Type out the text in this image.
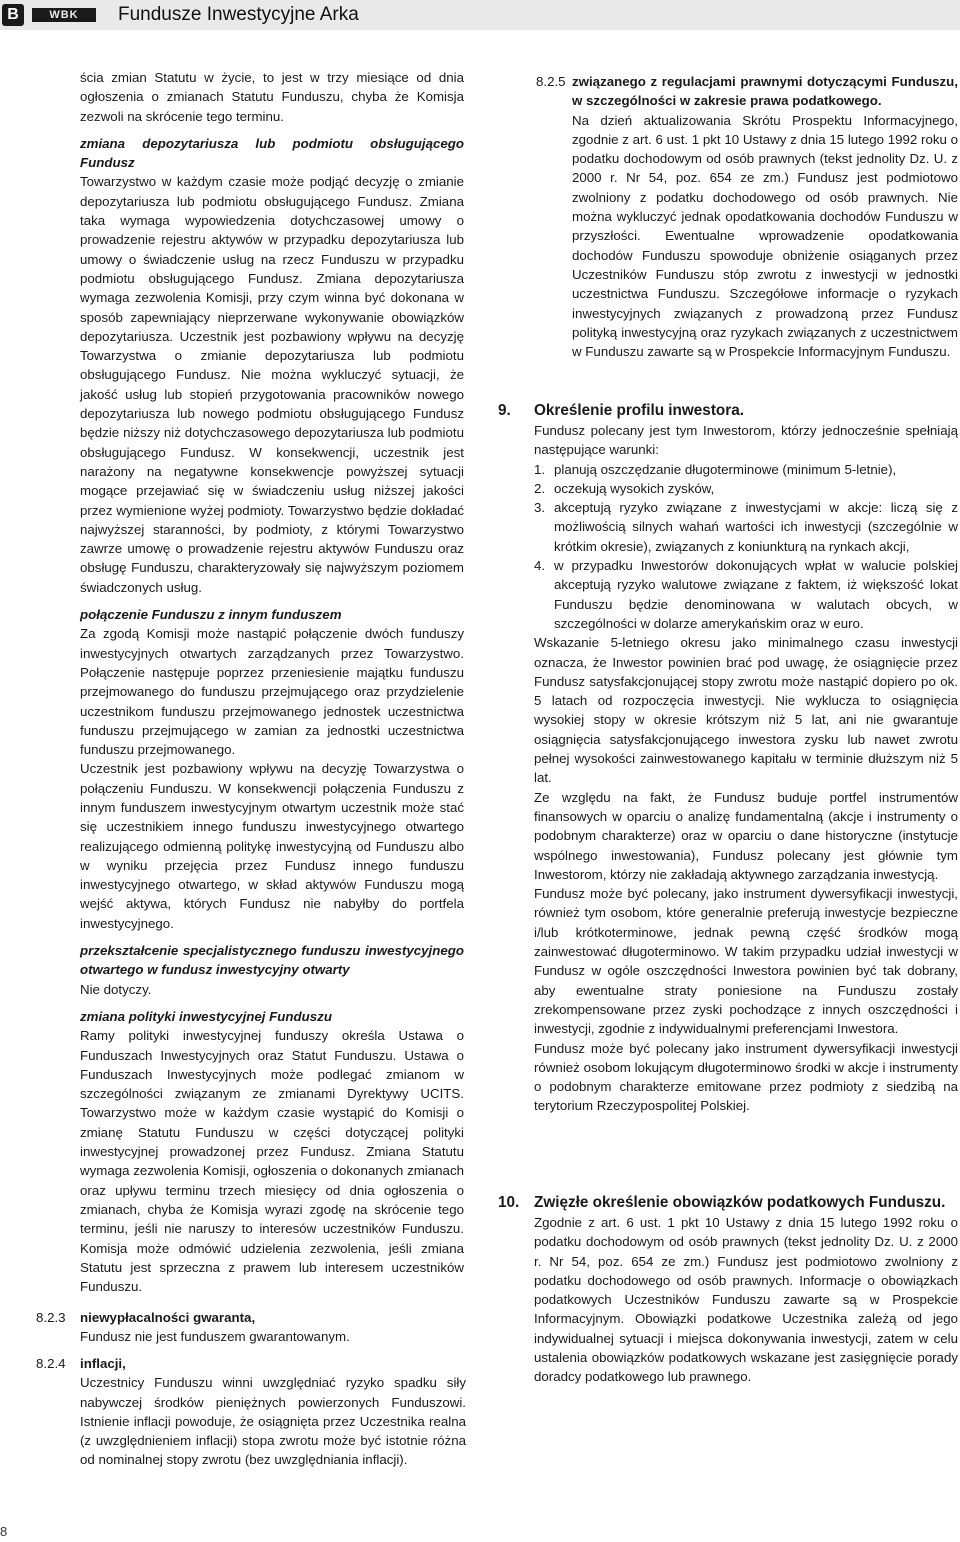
B	WBK	Fundusze Inwestycyjne Arka

ścia zmian Statutu w życie, to jest w trzy miesiące od dnia ogłoszenia o zmianach Statutu Funduszu, chyba że Komisja zezwoli na skrócenie tego terminu.

zmiana depozytariusza lub podmiotu obsługującego Fundusz

Towarzystwo w każdym czasie może podjąć decyzję o zmianie depozytariusza lub podmiotu obsługującego Fundusz. Zmiana taka wymaga wypowiedzenia dotychczasowej umowy o prowadzenie rejestru aktywów w przypadku depozytariusza lub umowy o świadczenie usług na rzecz Funduszu w przypadku podmiotu obsługującego Fundusz. Zmiana depozytariusza wymaga zezwolenia Komisji, przy czym winna być dokonana w sposób zapewniający nieprzerwane wykonywanie obowiązków depozytariusza. Uczestnik jest pozbawiony wpływu na decyzję Towarzystwa o zmianie depozytariusza lub podmiotu obsługującego Fundusz. Nie można wykluczyć sytuacji, że jakość usług lub stopień przygotowania pracowników nowego depozytariusza lub nowego podmiotu obsługującego Fundusz będzie niższy niż dotychczasowego depozytariusza lub podmiotu obsługującego Fundusz. W konsekwencji, uczestnik jest narażony na negatywne konsekwencje powyższej sytuacji mogące przejawiać się w świadczeniu usług niższej jakości przez wymienione wyżej podmioty. Towarzystwo będzie dokładać najwyższej staranności, by podmioty, z którymi Towarzystwo zawrze umowę o prowadzenie rejestru aktywów Funduszu oraz obsługę Funduszu, charakteryzowały się najwyższym poziomem świadczonych usług.

połączenie Funduszu z innym funduszem

Za zgodą Komisji może nastąpić połączenie dwóch funduszy inwestycyjnych otwartych zarządzanych przez Towarzystwo. Połączenie następuje poprzez przeniesienie majątku funduszu przejmowanego do funduszu przejmującego oraz przydzielenie uczestnikom funduszu przejmowanego jednostek uczestnictwa funduszu przejmującego w zamian za jednostki uczestnictwa funduszu przejmowanego.

Uczestnik jest pozbawiony wpływu na decyzję Towarzystwa o połączeniu Funduszu. W konsekwencji połączenia Funduszu z innym funduszem inwestycyjnym otwartym uczestnik może stać się uczestnikiem innego funduszu inwestycyjnego otwartego realizującego odmienną politykę inwestycyjną od Funduszu albo w wyniku przejęcia przez Fundusz innego funduszu inwestycyjnego otwartego, w skład aktywów Funduszu mogą wejść aktywa, których Fundusz nie nabyłby do portfela inwestycyjnego.

przekształcenie specjalistycznego funduszu inwestycyjnego otwartego w fundusz inwestycyjny otwarty

Nie dotyczy.

zmiana polityki inwestycyjnej Funduszu

Ramy polityki inwestycyjnej funduszy określa Ustawa o Funduszach Inwestycyjnych oraz Statut Funduszu. Ustawa o Funduszach Inwestycyjnych może podlegać zmianom w szczególności związanym ze zmianami Dyrektywy UCITS. Towarzystwo może w każdym czasie wystąpić do Komisji o zmianę Statutu Funduszu w części dotyczącej polityki inwestycyjnej prowadzonej przez Fundusz. Zmiana Statutu wymaga zezwolenia Komisji, ogłoszenia o dokonanych zmianach oraz upływu terminu trzech miesięcy od dnia ogłoszenia o zmianach, chyba że Komisja wyrazi zgodę na skrócenie tego terminu, jeśli nie naruszy to interesów uczestników Funduszu. Komisja może odmówić udzielenia zezwolenia, jeśli zmiana Statutu jest sprzeczna z prawem lub interesem uczestników Funduszu.

8.2.3	niewypłacalności gwaranta,
Fundusz nie jest funduszem gwarantowanym.
8.2.4	inflacji,

Uczestnicy Funduszu winni uwzględniać ryzyko spadku siły nabywczej środków pieniężnych powierzonych Funduszowi. Istnienie inflacji powoduje, że osiągnięta przez Uczestnika realna (z uwzględnieniem inflacji) stopa zwrotu może być istotnie różna od nominalnej stopy zwrotu (bez uwzględniania inflacji).

8.2.5 związanego z regulacjami prawnymi dotyczącymi Funduszu, w szczególności w zakresie prawa podatkowego.

Na dzień aktualizowania Skrótu Prospektu Informacyjnego, zgodnie z art. 6 ust. 1 pkt 10 Ustawy z dnia 15 lutego 1992 roku o podatku dochodowym od osób prawnych (tekst jednolity Dz. U. z 2000 r. Nr 54, poz. 654 ze zm.) Fundusz jest podmiotowo zwolniony z podatku dochodowego od osób prawnych. Nie można wykluczyć jednak opodatkowania dochodów Funduszu w przyszłości. Ewentualne wprowadzenie opodatkowania dochodów Funduszu spowoduje obniżenie osiąganych przez Uczestników Funduszu stóp zwrotu z inwestycji w jednostki uczestnictwa Funduszu. Szczegółowe informacje o ryzykach inwestycyjnych związanych z prowadzoną przez Fundusz polityką inwestycyjną oraz ryzykach związanych z uczestnictwem w Funduszu zawarte są w Prospekcie Informacyjnym Funduszu.

9.	Określenie profilu inwestora.

Fundusz polecany jest tym Inwestorom, którzy jednocześnie spełniają następujące warunki:

1. planują oszczędzanie długoterminowe (minimum 5-letnie),
2. oczekują wysokich zysków,
3. akceptują ryzyko związane z inwestycjami w akcje: liczą się z możliwością silnych wahań wartości ich inwestycji (szczególnie w krótkim okresie), związanych z koniunkturą na rynkach akcji,
4. w przypadku Inwestorów dokonujących wpłat w walucie polskiej akceptują ryzyko walutowe związane z faktem, iż większość lokat Funduszu będzie denominowana w walutach obcych, w szczególności w dolarze amerykańskim oraz w euro.

Wskazanie 5-letniego okresu jako minimalnego czasu inwestycji oznacza, że Inwestor powinien brać pod uwagę, że osiągnięcie przez Fundusz satysfakcjonującej stopy zwrotu może nastąpić dopiero po ok. 5 latach od rozpoczęcia inwestycji. Nie wyklucza to osiągnięcia wysokiej stopy w okresie krótszym niż 5 lat, ani nie gwarantuje osiągnięcia satysfakcjonującego inwestora zysku lub nawet zwrotu pełnej wysokości zainwestowanego kapitału w terminie dłuższym niż 5 lat.

Ze względu na fakt, że Fundusz buduje portfel instrumentów finansowych w oparciu o analizę fundamentalną (akcje i instrumenty o podobnym charakterze) oraz w oparciu o dane historyczne (instytucje wspólnego inwestowania), Fundusz polecany jest głównie tym Inwestorom, którzy nie zakładają aktywnego zarządzania inwestycją.

Fundusz może być polecany, jako instrument dywersyfikacji inwestycji, również tym osobom, które generalnie preferują inwestycje bezpieczne i/lub krótkoterminowe, jednak pewną część środków mogą zainwestować długoterminowo. W takim przypadku udział inwestycji w Fundusz w ogóle oszczędności Inwestora powinien być tak dobrany, aby ewentualne straty poniesione na Funduszu zostały zrekompensowane przez zyski pochodzące z innych oszczędności i inwestycji, zgodnie z indywidualnymi preferencjami Inwestora.

Fundusz może być polecany jako instrument dywersyfikacji inwestycji również osobom lokującym długoterminowo środki w akcje i instrumenty o podobnym charakterze emitowane przez podmioty z siedzibą na terytorium Rzeczypospolitej Polskiej.

10. Zwięzłe określenie obowiązków podatkowych Funduszu.

Zgodnie z art. 6 ust. 1 pkt 10 Ustawy z dnia 15 lutego 1992 roku o podatku dochodowym od osób prawnych (tekst jednolity Dz. U. z 2000 r. Nr 54, poz. 654 ze zm.) Fundusz jest podmiotowo zwolniony z podatku dochodowego od osób prawnych. Informacje o obowiązkach podatkowych Uczestników Funduszu zawarte są w Prospekcie Informacyjnym. Obowiązki podatkowe Uczestnika zależą od jego indywidualnej sytuacji i miejsca dokonywania inwestycji, zatem w celu ustalenia obowiązków podatkowych wskazane jest zasięgnięcie porady doradcy podatkowego lub prawnego.

8
